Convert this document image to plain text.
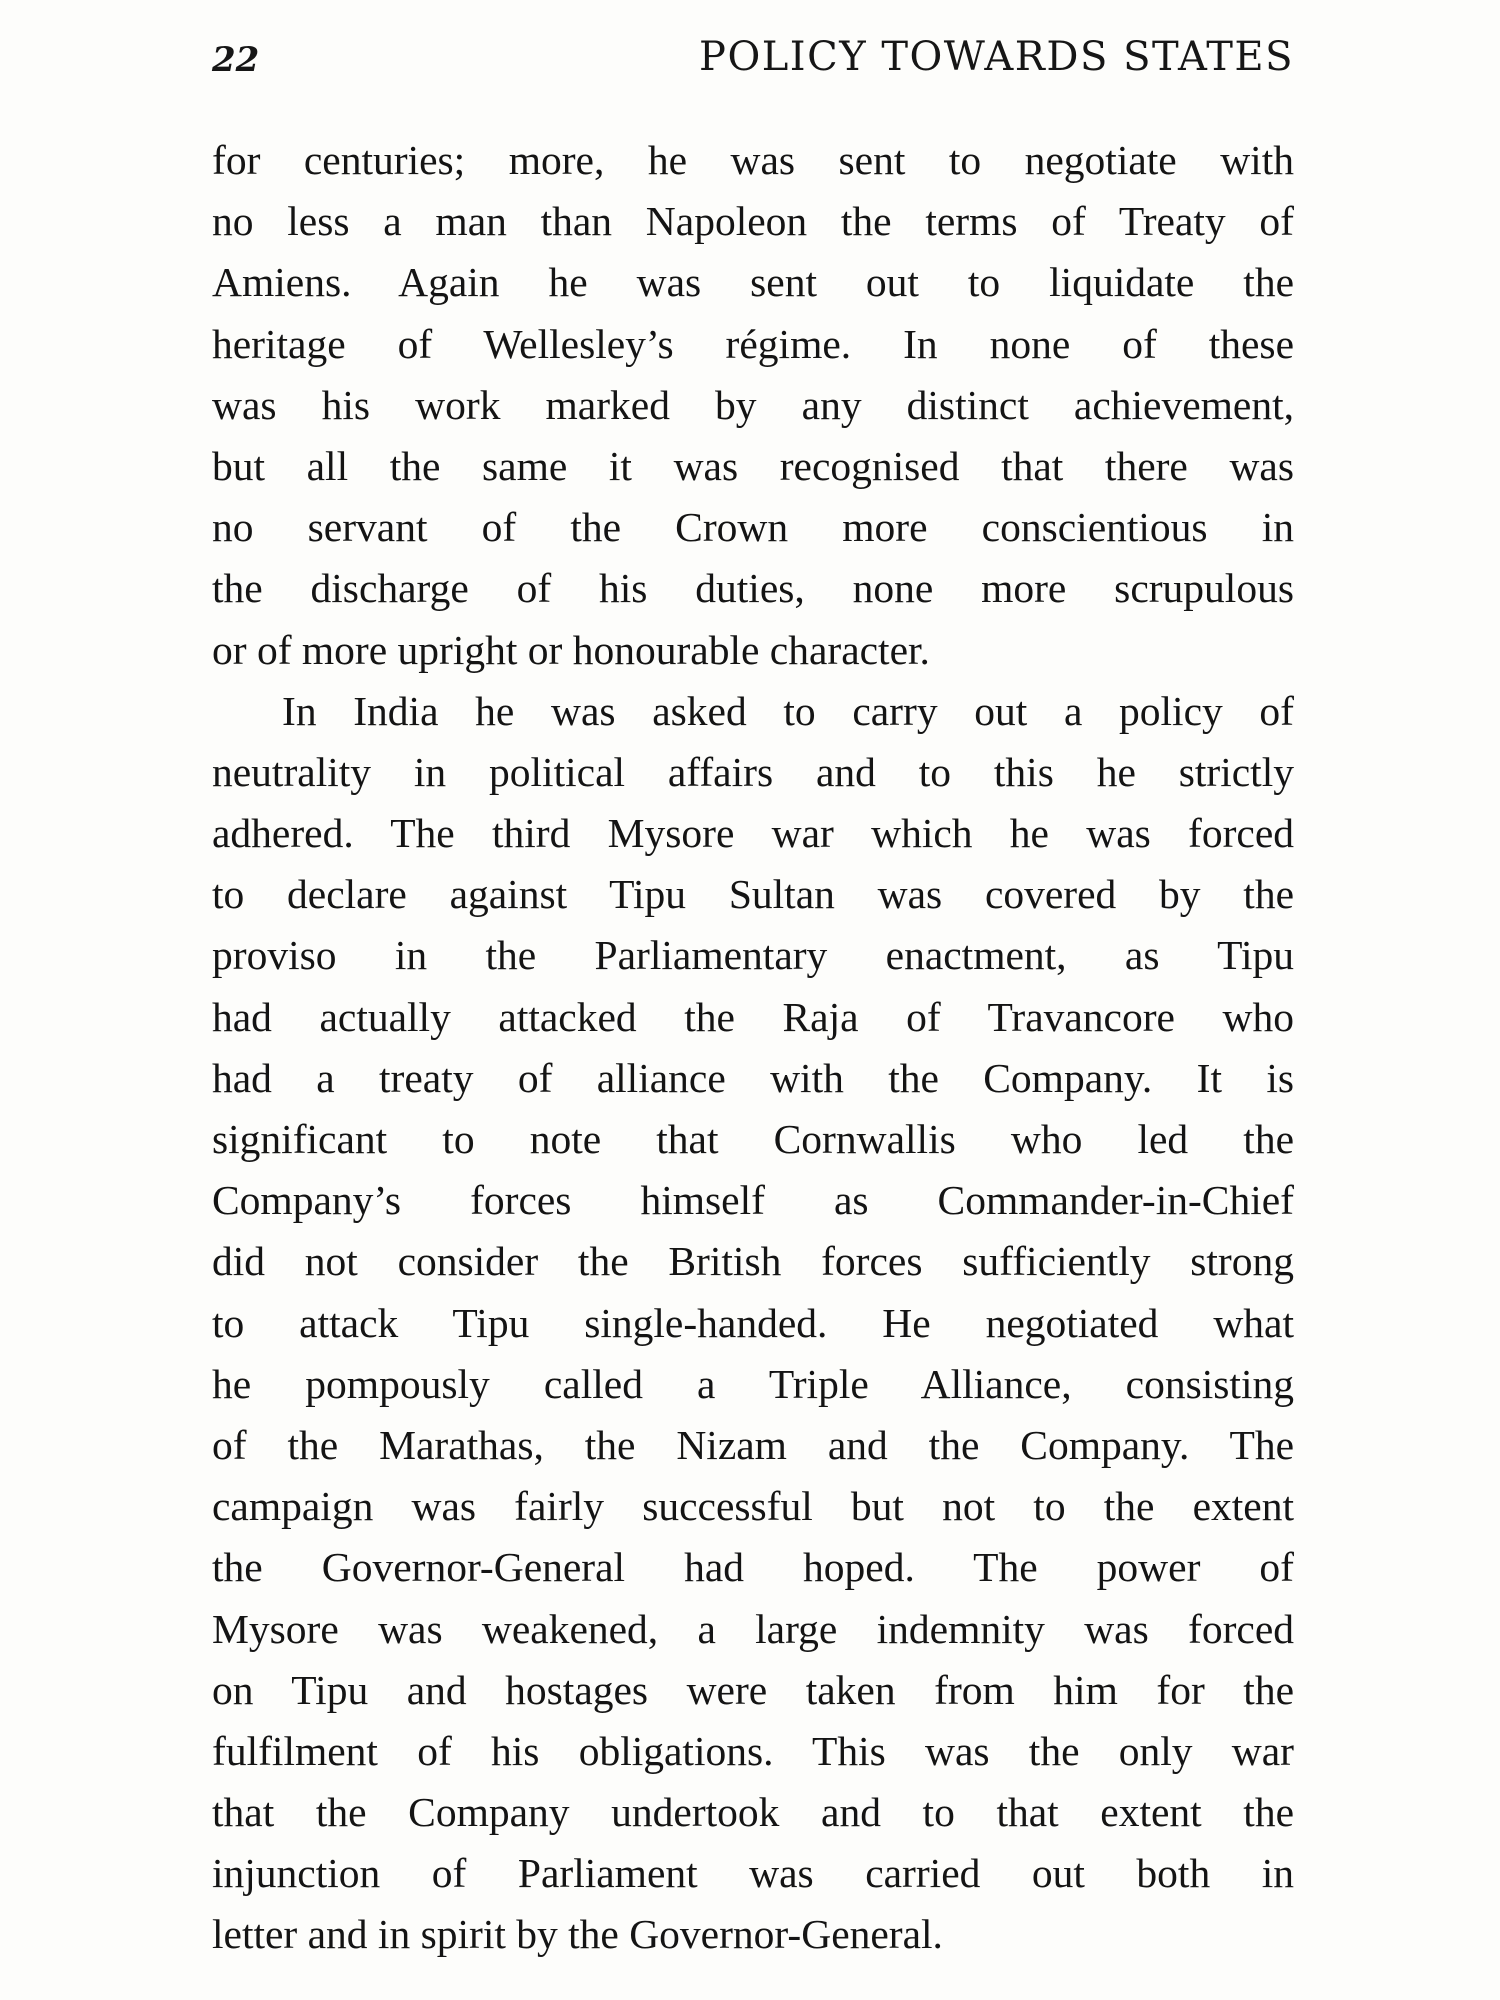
22	POLICY TOWARDS STATES

for centuries; more, he was sent to negotiate with
no less a man than Napoleon the terms of Treaty of
Amiens. Again he was sent out to liquidate the
heritage of Wellesley’s régime. In none of these
was his work marked by any distinct achievement,
but all the same it was recognised that there was
no servant of the Crown more conscientious in
the discharge of his duties, none more scrupulous
or of more upright or honourable character.

In India he was asked to carry out a policy of
neutrality in political affairs and to this he strictly
adhered. The third Mysore war which he was forced
to declare against Tipu Sultan was covered by the
proviso in the Parliamentary enactment, as Tipu
had actually attacked the Raja of Travancore who
had a treaty of alliance with the Company. It is
significant to note that Cornwallis who led the
Company’s forces himself as Commander-in-Chief
did not consider the British forces sufficiently strong
to attack Tipu single-handed. He negotiated what
he pompously called a Triple Alliance, consisting
of the Marathas, the Nizam and the Company. The
campaign was fairly successful but not to the extent
the Governor-General had hoped. The power of
Mysore was weakened, a large indemnity was forced
on Tipu and hostages were taken from him for the
fulfilment of his obligations. This was the only war
that the Company undertook and to that extent the
injunction of Parliament was carried out both in
letter and in spirit by the Governor-General.
